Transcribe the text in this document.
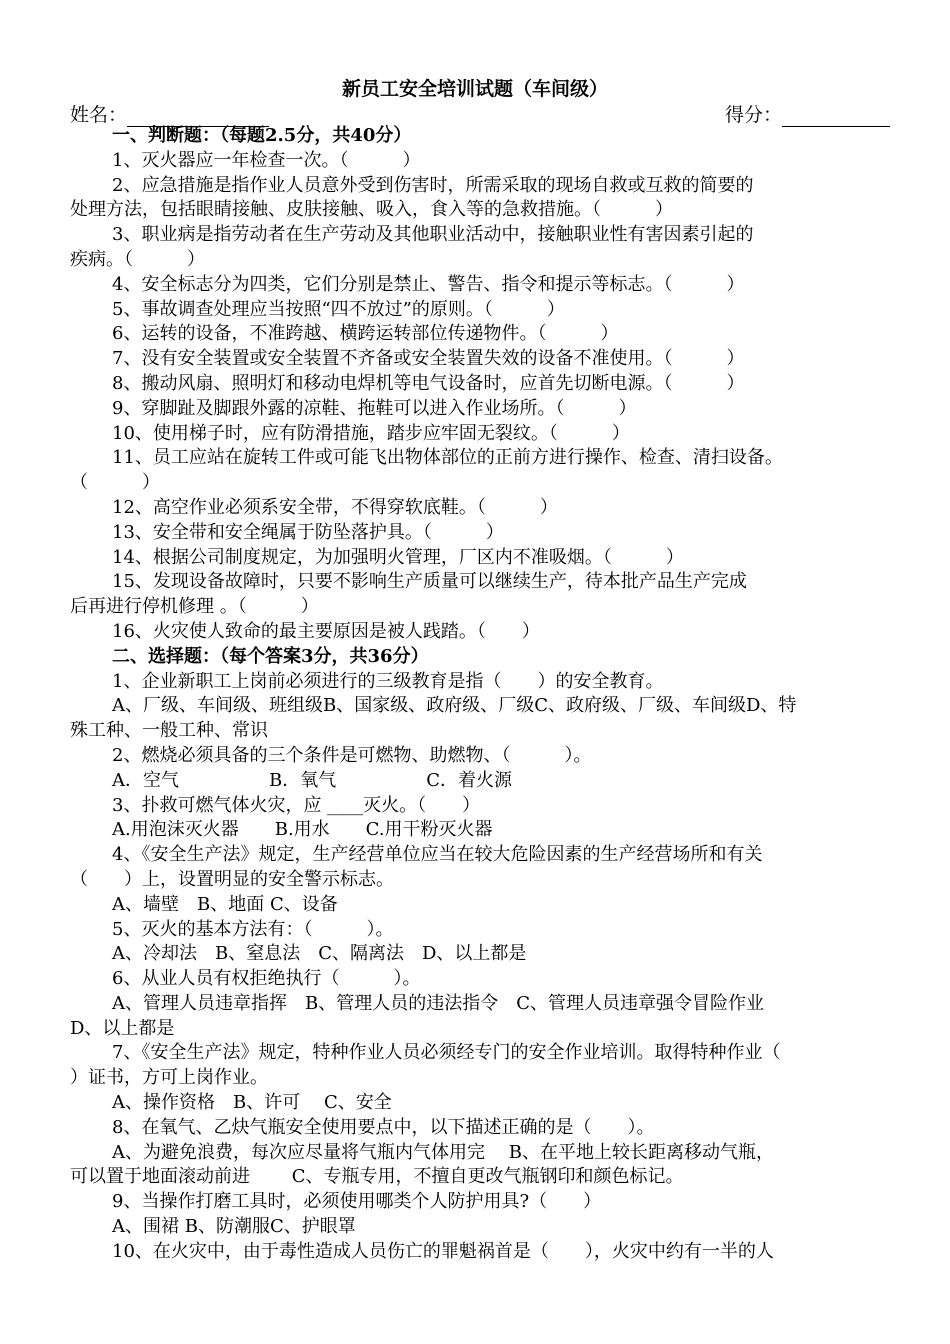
新员工安全培训试题（车间级）
姓名：	得分：
一、判断题：（每题2.5分，共40分）
1、灭火器应一年检查一次。（　　　）
2、应急措施是指作业人员意外受到伤害时，所需采取的现场自救或互救的简要的
处理方法，包括眼睛接触、皮肤接触、吸入，食入等的急救措施。（　　　）
3、职业病是指劳动者在生产劳动及其他职业活动中，接触职业性有害因素引起的
疾病。（　　　）
4、安全标志分为四类，它们分别是禁止、警告、指令和提示等标志。（　　　）
5、事故调查处理应当按照“四不放过”的原则。（　　　）
6、运转的设备，不准跨越、横跨运转部位传递物件。（　　　）
7、没有安全装置或安全装置不齐备或安全装置失效的设备不准使用。（　　　）
8、搬动风扇、照明灯和移动电焊机等电气设备时，应首先切断电源。（　　　）
9、穿脚趾及脚跟外露的凉鞋、拖鞋可以进入作业场所。（　　　）
10、使用梯子时，应有防滑措施，踏步应牢固无裂纹。（　　　）
11、员工应站在旋转工件或可能飞出物体部位的正前方进行操作、检查、清扫设备。
（　　　）
12、高空作业必须系安全带，不得穿软底鞋。（　　　）
13、安全带和安全绳属于防坠落护具。（　　　）
14、根据公司制度规定，为加强明火管理，厂区内不准吸烟。（　　　）
15、发现设备故障时，只要不影响生产质量可以继续生产，待本批产品生产完成
后再进行停机修理 。（　　　）
16、火灾使人致命的最主要原因是被人践踏。（　　）
二、选择题：（每个答案3分，共36分）
1、企业新职工上岗前必须进行的三级教育是指（　　）的安全教育。
A、厂级、车间级、班组级B、国家级、政府级、厂级C、政府级、厂级、车间级D、特
殊工种、一般工种、常识
2、燃烧必须具备的三个条件是可燃物、助燃物、（　　　）。
A．空气　　　　　B．氧气　　　　　C．着火源
3、扑救可燃气体火灾，应 ____灭火。（　　）
A.用泡沫灭火器　　B.用水　　C.用干粉灭火器
4、《安全生产法》规定，生产经营单位应当在较大危险因素的生产经营场所和有关
（　　）上，设置明显的安全警示标志。
A、墙壁　B、地面 C、设备
5、灭火的基本方法有：（　　　）。
A、冷却法　B、窒息法　C、隔离法　D、以上都是
6、从业人员有权拒绝执行（　　　）。
A、管理人员违章指挥　B、管理人员的违法指令　C、管理人员违章强令冒险作业
D、以上都是
7、《安全生产法》规定，特种作业人员必须经专门的安全作业培训。取得特种作业（
）证书，方可上岗作业。
A、操作资格　B、许可　 C、安全
8、在氧气、乙炔气瓶安全使用要点中，以下描述正确的是（　　）。
A、为避免浪费，每次应尽量将气瓶内气体用完　 B、在平地上较长距离移动气瓶，
可以置于地面滚动前进　　 C、专瓶专用，不擅自更改气瓶钢印和颜色标记。
9、当操作打磨工具时，必须使用哪类个人防护用具?（　　）
A、围裙 B、防潮服C、护眼罩
10、在火灾中，由于毒性造成人员伤亡的罪魁祸首是（　　），火灾中约有一半的人
